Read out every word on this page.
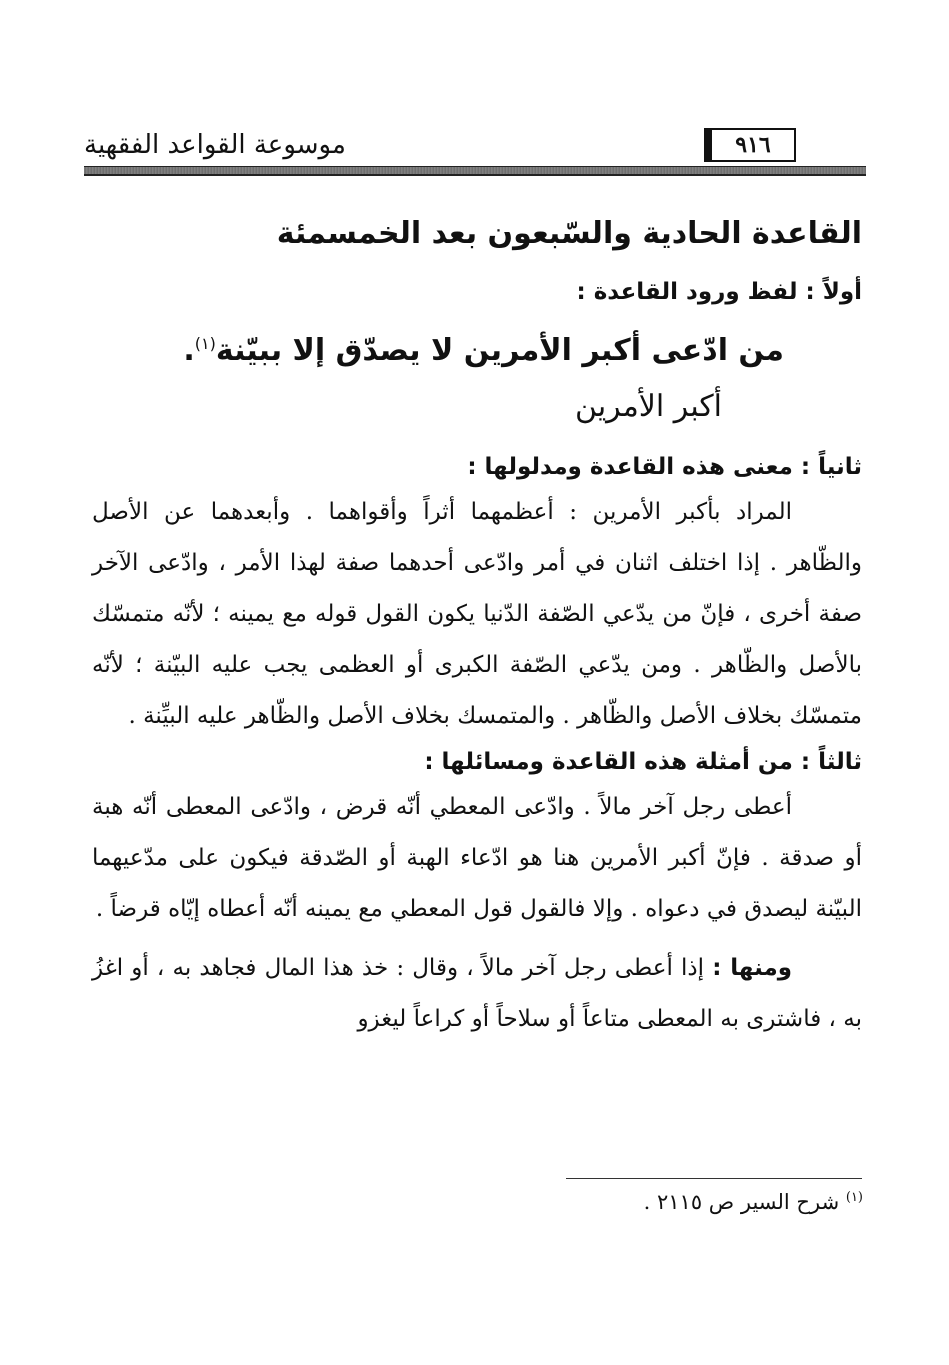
٩١٦
موسوعة القواعد الفقهية
القاعدة الحادية والسّبعون بعد الخمسمئة
أولاً : لفظ ورود القاعدة :
من ادّعى أكبر الأمرين لا يصدّق إلا ببيّنة$^{(١)}$.
أكبر الأمرين
ثانياً : معنى هذه القاعدة ومدلولها :

المراد بأكبر الأمرين : أعظمهما أثراً وأقواهما . وأبعدهما عن الأصل والظّاهر . إذا اختلف اثنان في أمر وادّعى أحدهما صفة لهذا الأمر ، وادّعى الآخر صفة أخرى ، فإنّ من يدّعي الصّفة الدّنيا يكون القول قوله مع يمينه ؛ لأنّه متمسّك بالأصل والظّاهر . ومن يدّعي الصّفة الكبرى أو العظمى يجب عليه البيّنة ؛ لأنّه متمسّك بخلاف الأصل والظّاهر . والمتمسك بخلاف الأصل والظّاهر عليه البيِّنة .

ثالثاً : من أمثلة هذه القاعدة ومسائلها :

أعطى رجل آخر مالاً . وادّعى المعطي أنّه قرض ، وادّعى المعطى أنّه هبة أو صدقة . فإنّ أكبر الأمرين هنا هو ادّعاء الهبة أو الصّدقة فيكون على مدّعيهما البيّنة ليصدق في دعواه . وإلا فالقول قول المعطي مع يمينه أنّه أعطاه إيّاه قرضاً .

ومنها : إذا أعطى رجل آخر مالاً ، وقال : خذ هذا المال فجاهد به ، أو اغزُ به ، فاشترى به المعطى متاعاً أو سلاحاً أو كراعاً ليغزو

$^{(١)}$ شرح السير ص ٢١١٥ .
